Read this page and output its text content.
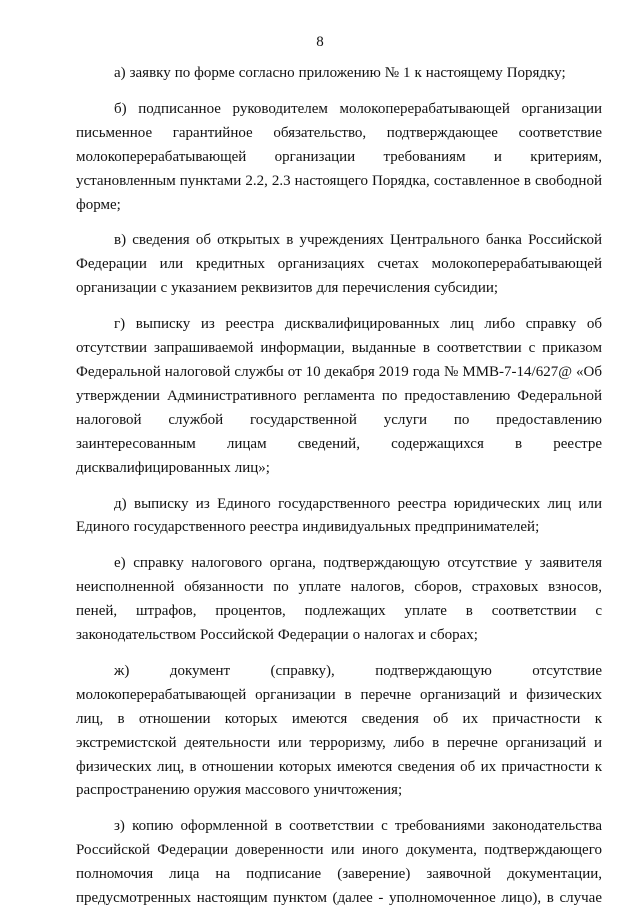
8

а) заявку по форме согласно приложению № 1 к настоящему Порядку;

б) подписанное руководителем молокоперерабатывающей организации письменное гарантийное обязательство, подтверждающее соответствие молокоперерабатывающей организации требованиям и критериям, установленным пунктами 2.2, 2.3 настоящего Порядка, составленное в свободной форме;

в) сведения об открытых в учреждениях Центрального банка Российской Федерации или кредитных организациях счетах молокоперерабатывающей организации с указанием реквизитов для перечисления субсидии;

г) выписку из реестра дисквалифицированных лиц либо справку об отсутствии запрашиваемой информации, выданные в соответствии с приказом Федеральной налоговой службы от 10 декабря 2019 года № ММВ-7-14/627@ «Об утверждении Административного регламента по предоставлению Федеральной налоговой службой государственной услуги по предоставлению заинтересованным лицам сведений, содержащихся в реестре дисквалифицированных лиц»;

д) выписку из Единого государственного реестра юридических лиц или Единого государственного реестра индивидуальных предпринимателей;

е) справку налогового органа, подтверждающую отсутствие у заявителя неисполненной обязанности по уплате налогов, сборов, страховых взносов, пеней, штрафов, процентов, подлежащих уплате в соответствии с законодательством Российской Федерации о налогах и сборах;

ж) документ (справку), подтверждающую отсутствие молокоперерабатывающей организации в перечне организаций и физических лиц, в отношении которых имеются сведения об их причастности к экстремистской деятельности или терроризму, либо в перечне организаций и физических лиц, в отношении которых имеются сведения об их причастности к распространению оружия массового уничтожения;

з) копию оформленной в соответствии с требованиями законодательства Российской Федерации доверенности или иного документа, подтверждающего полномочия лица на подписание (заверение) заявочной документации, предусмотренных настоящим пунктом (далее - уполномоченное лицо), в случае
